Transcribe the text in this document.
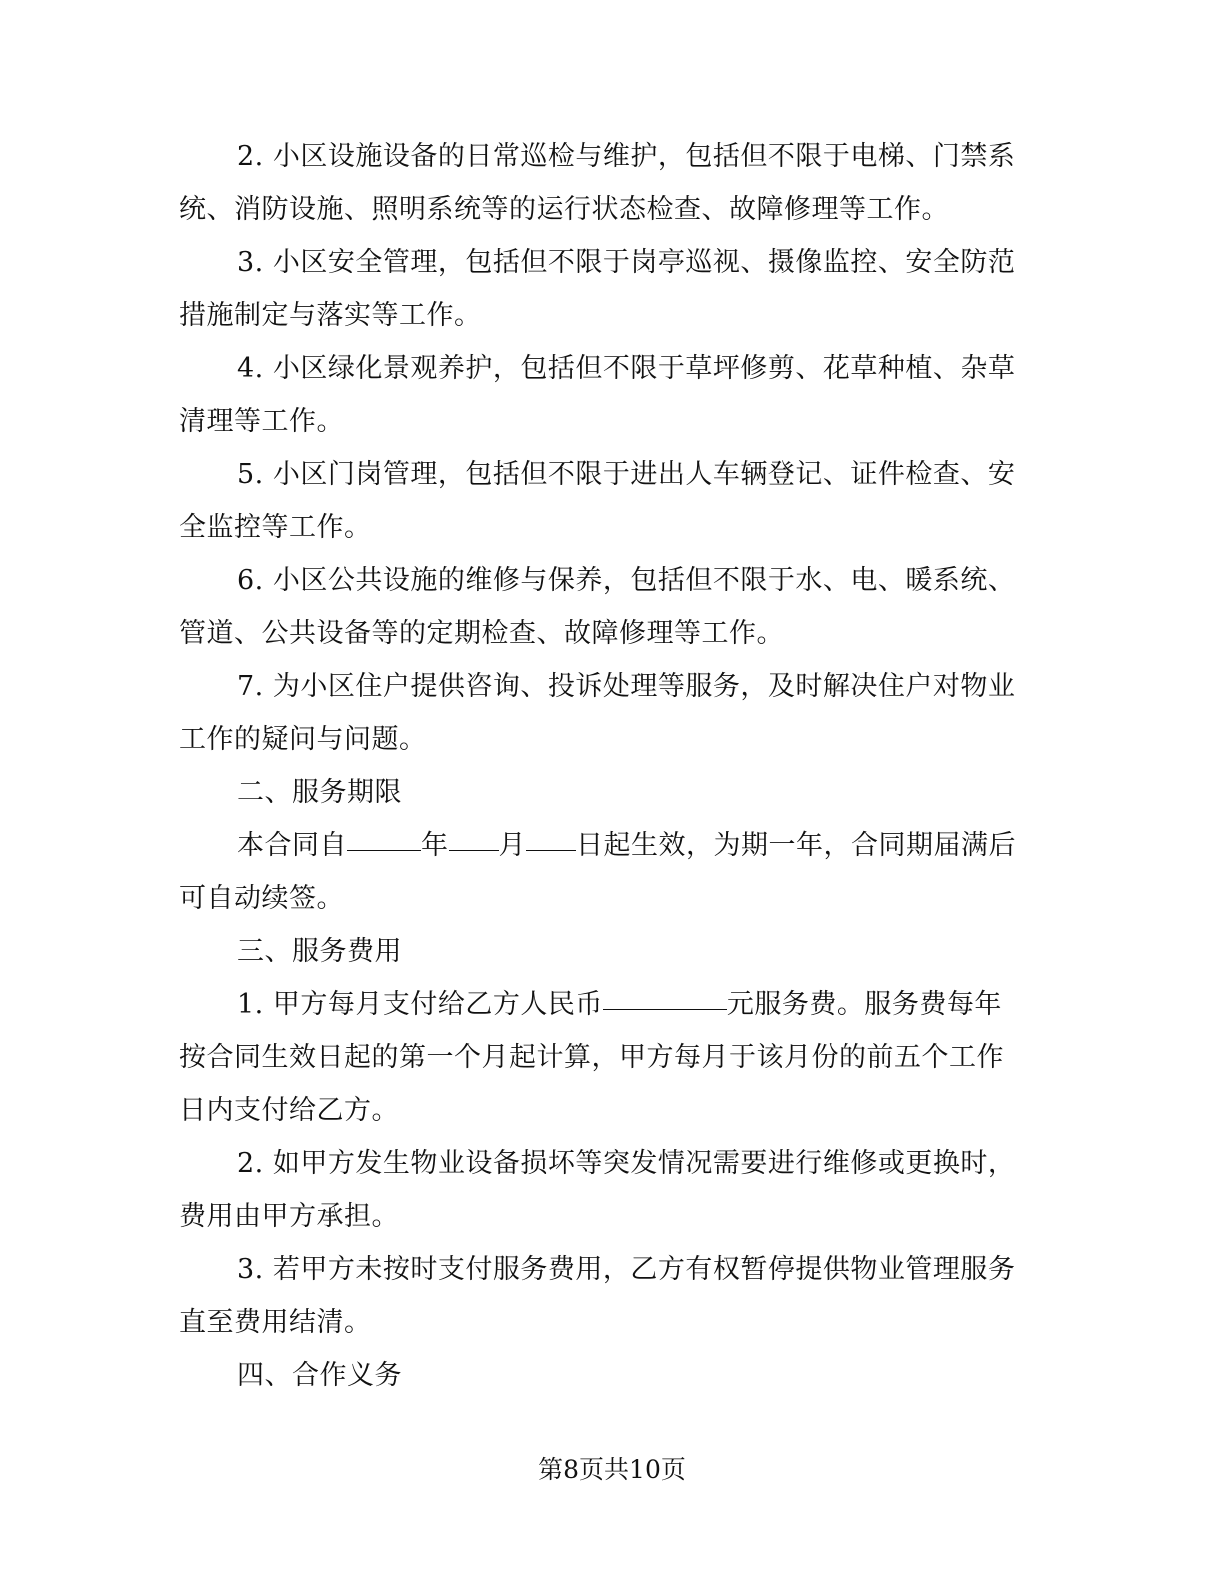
2. 小区设施设备的日常巡检与维护，包括但不限于电梯、门禁系统、消防设施、照明系统等的运行状态检查、故障修理等工作。

3. 小区安全管理，包括但不限于岗亭巡视、摄像监控、安全防范措施制定与落实等工作。

4. 小区绿化景观养护，包括但不限于草坪修剪、花草种植、杂草清理等工作。

5. 小区门岗管理，包括但不限于进出人车辆登记、证件检查、安全监控等工作。

6. 小区公共设施的维修与保养，包括但不限于水、电、暖系统、管道、公共设备等的定期检查、故障修理等工作。

7. 为小区住户提供咨询、投诉处理等服务，及时解决住户对物业工作的疑问与问题。

二、服务期限

本合同自	年 月 日起生效，为期一年，合同期届满后可自动续签。

三、服务费用

1. 甲方每月支付给乙方人民币	元服务费。服务费每年按合同生效日起的第一个月起计算，甲方每月于该月份的前五个工作日内支付给乙方。

2. 如甲方发生物业设备损坏等突发情况需要进行维修或更换时，费用由甲方承担。

3. 若甲方未按时支付服务费用，乙方有权暂停提供物业管理服务直至费用结清。

四、合作义务

第8页共10页
